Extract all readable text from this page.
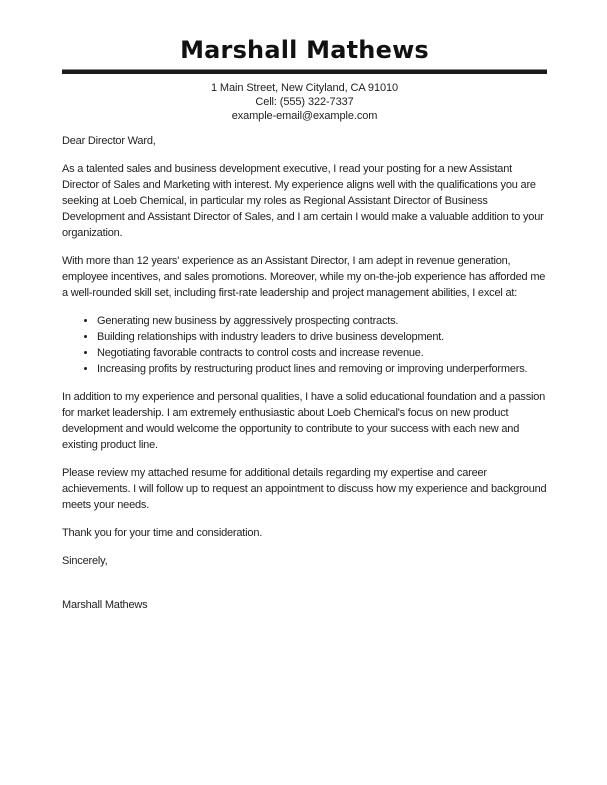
Marshall Mathews
1 Main Street, New Cityland, CA 91010
Cell: (555) 322-7337
example-email@example.com

Dear Director Ward,

As a talented sales and business development executive, I read your posting for a new Assistant Director of Sales and Marketing with interest. My experience aligns well with the qualifications you are seeking at Loeb Chemical, in particular my roles as Regional Assistant Director of Business Development and Assistant Director of Sales, and I am certain I would make a valuable addition to your organization.

With more than 12 years' experience as an Assistant Director, I am adept in revenue generation, employee incentives, and sales promotions. Moreover, while my on-the-job experience has afforded me a well-rounded skill set, including first-rate leadership and project management abilities, I excel at:

• Generating new business by aggressively prospecting contracts.
• Building relationships with industry leaders to drive business development.
• Negotiating favorable contracts to control costs and increase revenue.
• Increasing profits by restructuring product lines and removing or improving underperformers.

In addition to my experience and personal qualities, I have a solid educational foundation and a passion for market leadership. I am extremely enthusiastic about Loeb Chemical's focus on new product development and would welcome the opportunity to contribute to your success with each new and existing product line.

Please review my attached resume for additional details regarding my expertise and career achievements. I will follow up to request an appointment to discuss how my experience and background meets your needs.

Thank you for your time and consideration.

Sincerely,

Marshall Mathews
